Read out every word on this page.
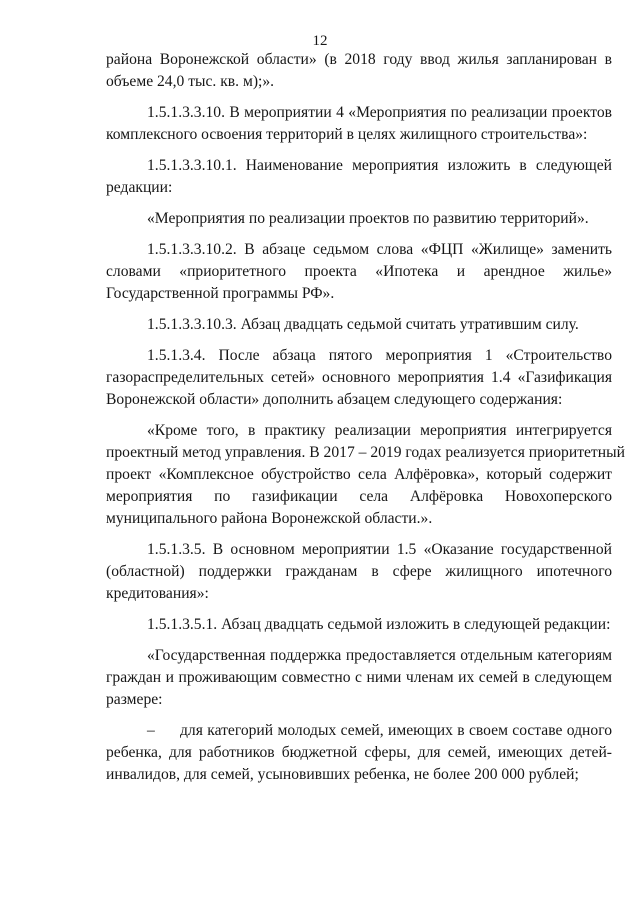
12
района Воронежской области» (в 2018 году ввод жилья запланирован в
объеме 24,0 тыс. кв. м);».
1.5.1.3.3.10. В мероприятии 4 «Мероприятия по реализации проектов
комплексного освоения территорий в целях жилищного строительства»:
1.5.1.3.3.10.1. Наименование мероприятия изложить в следующей
редакции:
«Мероприятия по реализации проектов по развитию территорий».
1.5.1.3.3.10.2. В абзаце седьмом слова «ФЦП «Жилище» заменить
словами «приоритетного проекта «Ипотека и арендное жилье»
Государственной программы РФ».
1.5.1.3.3.10.3. Абзац двадцать седьмой считать утратившим силу.
1.5.1.3.4. После абзаца пятого мероприятия 1 «Строительство
газораспределительных сетей» основного мероприятия 1.4 «Газификация
Воронежской области» дополнить абзацем следующего содержания:
«Кроме того, в практику реализации мероприятия интегрируется
проектный метод управления. В 2017 – 2019 годах реализуется приоритетный
проект «Комплексное обустройство села Алфёровка», который содержит
мероприятия по газификации села Алфёровка Новохоперского
муниципального района Воронежской области.».
1.5.1.3.5. В основном мероприятии 1.5 «Оказание государственной
(областной) поддержки гражданам в сфере жилищного ипотечного
кредитования»:
1.5.1.3.5.1. Абзац двадцать седьмой изложить в следующей редакции:
«Государственная поддержка предоставляется отдельным категориям
граждан и проживающим совместно с ними членам их семей в следующем
размере:
–	для категорий молодых семей, имеющих в своем составе одного
ребенка, для работников бюджетной сферы, для семей, имеющих детей-
инвалидов, для семей, усыновивших ребенка, не более 200 000 рублей;
